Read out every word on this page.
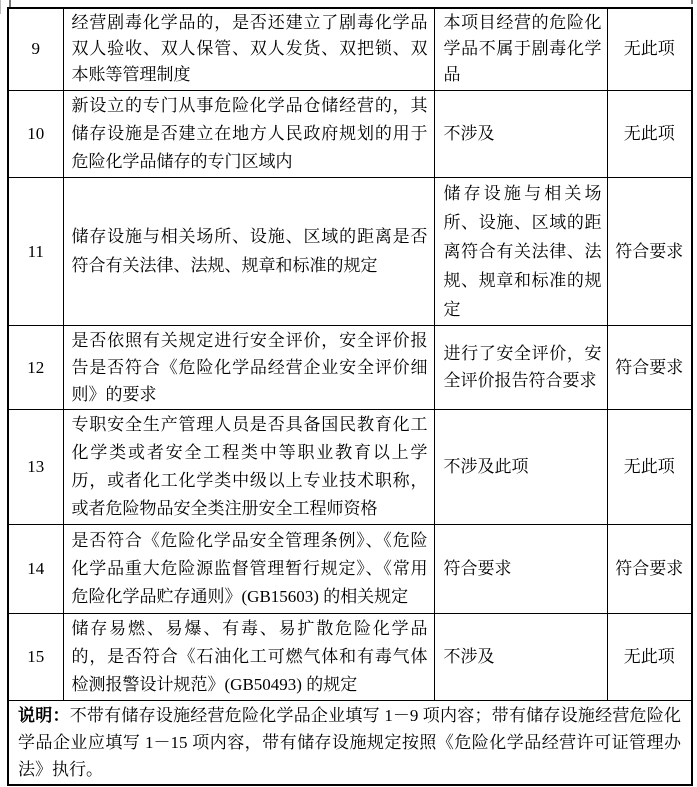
9	经营剧毒化学品的，是否还建立了剧毒化学品双人验收、双人保管、双人发货、双把锁、双本账等管理制度	本项目经营的危险化学品不属于剧毒化学品	无此项
10	新设立的专门从事危险化学品仓储经营的，其储存设施是否建立在地方人民政府规划的用于危险化学品储存的专门区域内	不涉及	无此项
11	储存设施与相关场所、设施、区域的距离是否符合有关法律、法规、规章和标准的规定	储存设施与相关场所、设施、区域的距离符合有关法律、法规、规章和标准的规定	符合要求
12	是否依照有关规定进行安全评价，安全评价报告是否符合《危险化学品经营企业安全评价细则》的要求	进行了安全评价，安全评价报告符合要求	符合要求
13	专职安全生产管理人员是否具备国民教育化工化学类或者安全工程类中等职业教育以上学历，或者化工化学类中级以上专业技术职称，或者危险物品安全类注册安全工程师资格	不涉及此项	无此项
14	是否符合《危险化学品安全管理条例》、《危险化学品重大危险源监督管理暂行规定》、《常用危险化学品贮存通则》(GB15603) 的相关规定	符合要求	符合要求
15	储存易燃、易爆、有毒、易扩散危险化学品的，是否符合《石油化工可燃气体和有毒气体检测报警设计规范》(GB50493) 的规定	不涉及	无此项
说明：不带有储存设施经营危险化学品企业填写 1－9 项内容；带有储存设施经营危险化学品企业应填写 1－15 项内容，带有储存设施规定按照《危险化学品经营许可证管理办法》执行。			
